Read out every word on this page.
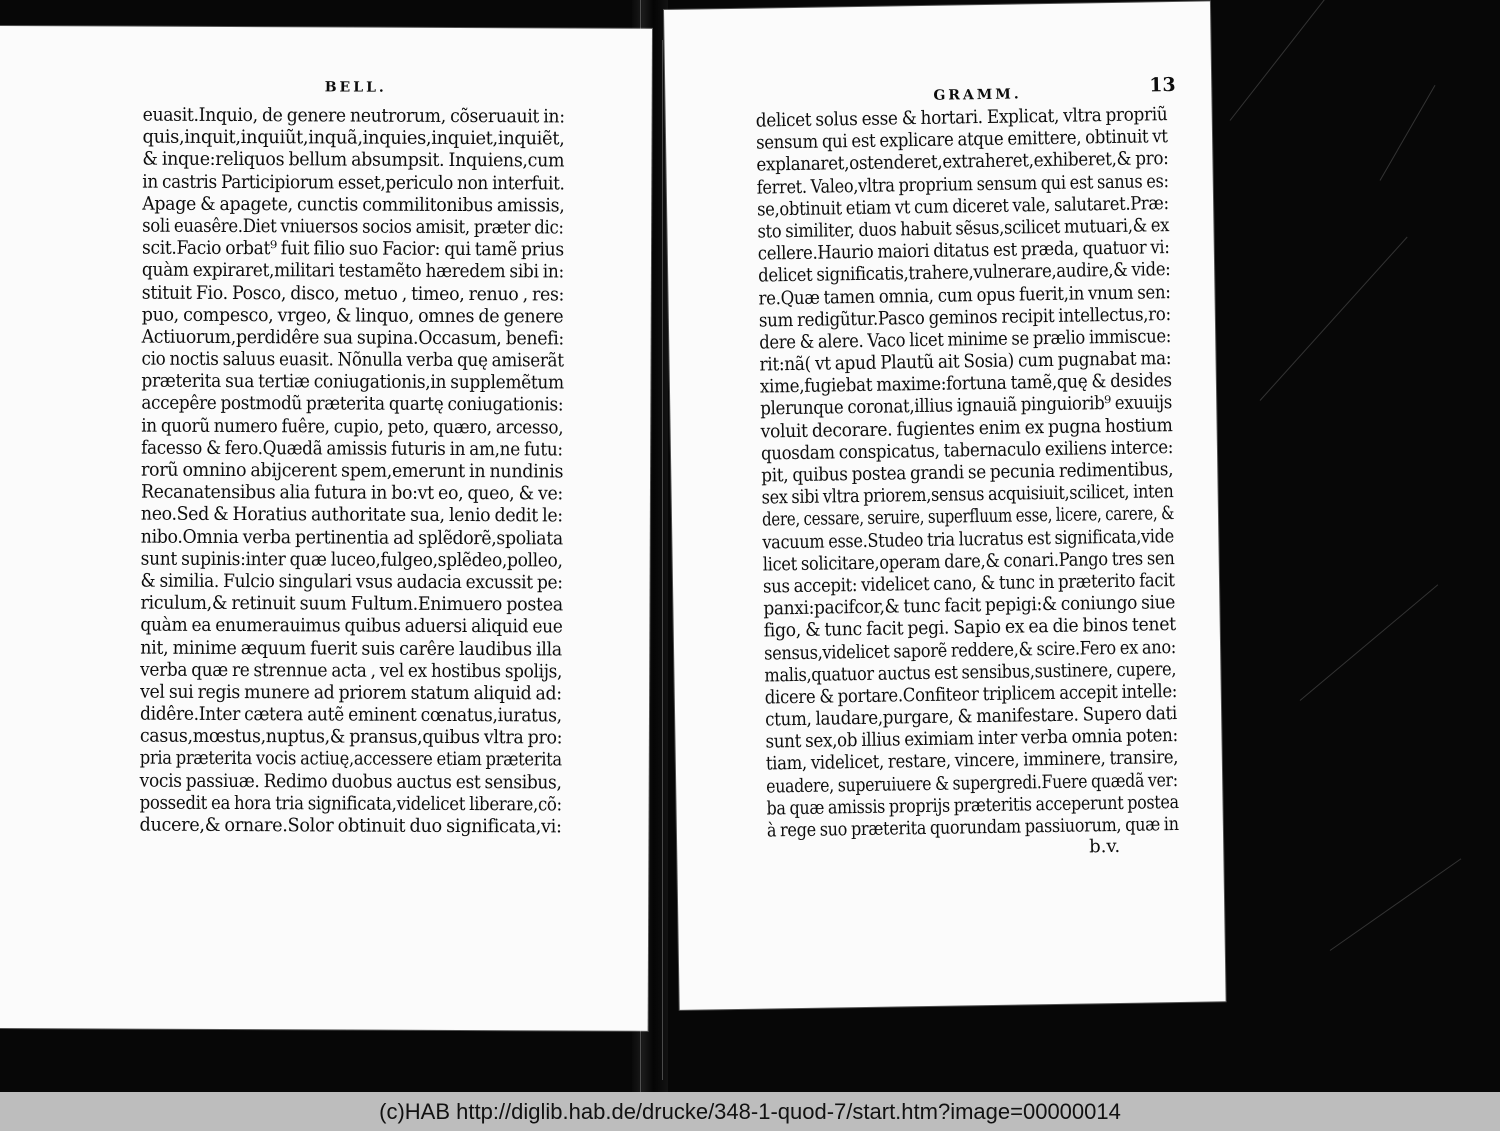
BELL.
euasit.Inquio, de genere neutrorum, cõseruauit in:
quis,inquit,inquiũt,inquã,inquies,inquiet,inquiẽt,
& inque:reliquos bellum absumpsit. Inquiens,cum
in castris Participiorum esset,periculo non interfuit.
Apage & apagete, cunctis commilitonibus amissis,
soli euasêre.Diet vniuersos socios amisit, præter dic:
scit.Facio orbat⁹ fuit filio suo Facior: qui tamẽ prius
quàm expiraret,militari testamẽto hæredem sibi in:
stituit Fio. Posco, disco, metuo , timeo, renuo , res:
puo, compesco, vrgeo, & linquo, omnes de genere
Actiuorum,perdidêre sua supina.Occasum, benefi:
cio noctis saluus euasit. Nõnulla verba quę amiserãt
præterita sua tertiæ coniugationis,in supplemẽtum
accepêre postmodũ præterita quartę coniugationis:
in quorũ numero fuêre, cupio, peto, quæro, arcesso,
facesso & fero.Quædã amissis futuris in am,ne futu:
rorũ omnino abijcerent spem,emerunt in nundinis
Recanatensibus alia futura in bo:vt eo, queo, & ve:
neo.Sed & Horatius authoritate sua, lenio dedit le:
nibo.Omnia verba pertinentia ad splẽdorẽ,spoliata
sunt supinis:inter quæ luceo,fulgeo,splẽdeo,polleo,
& similia. Fulcio singulari vsus audacia excussit pe:
riculum,& retinuit suum Fultum.Enimuero postea
quàm ea enumerauimus quibus aduersi aliquid eue
nit, minime æquum fuerit suis carêre laudibus illa
verba quæ re strennue acta , vel ex hostibus spolijs,
vel sui regis munere ad priorem statum aliquid ad:
didêre.Inter cætera autẽ eminent cœnatus,iuratus,
casus,mœstus,nuptus,& pransus,quibus vltra pro:
pria præterita vocis actiuę,accessere etiam præterita
vocis passiuæ. Redimo duobus auctus est sensibus,
possedit ea hora tria significata,videlicet liberare,cõ:
ducere,& ornare.Solor obtinuit duo significata,vi:
GRAMM.	13
delicet solus esse & hortari. Explicat, vltra propriũ
sensum qui est explicare atque emittere, obtinuit vt
explanaret,ostenderet,extraheret,exhiberet,& pro:
ferret. Valeo,vltra proprium sensum qui est sanus es:
se,obtinuit etiam vt cum diceret vale, salutaret.Præ:
sto similiter, duos habuit sẽsus,scilicet mutuari,& ex
cellere.Haurio maiori ditatus est præda, quatuor vi:
delicet significatis,trahere,vulnerare,audire,& vide:
re.Quæ tamen omnia, cum opus fuerit,in vnum sen:
sum redigũtur.Pasco geminos recipit intellectus,ro:
dere & alere. Vaco licet minime se prælio immiscue:
rit:nã( vt apud Plautũ ait Sosia) cum pugnabat ma:
xime,fugiebat maxime:fortuna tamẽ,quę & desides
plerunque coronat,illius ignauiã pinguiorib⁹ exuuijs
voluit decorare. fugientes enim ex pugna hostium
quosdam conspicatus, tabernaculo exiliens interce:
pit, quibus postea grandi se pecunia redimentibus,
sex sibi vltra priorem,sensus acquisiuit,scilicet, inten
dere, cessare, seruire, superfluum esse, licere, carere, &
vacuum esse.Studeo tria lucratus est significata,vide
licet solicitare,operam dare,& conari.Pango tres sen
sus accepit: videlicet cano, & tunc in præterito facit
panxi:pacifcor,& tunc facit pepigi:& coniungo siue
figo, & tunc facit pegi. Sapio ex ea die binos tenet
sensus,videlicet saporẽ reddere,& scire.Fero ex ano:
malis,quatuor auctus est sensibus,sustinere, cupere,
dicere & portare.Confiteor triplicem accepit intelle:
ctum, laudare,purgare, & manifestare. Supero dati
sunt sex,ob illius eximiam inter verba omnia poten:
tiam, videlicet, restare, vincere, imminere, transire,
euadere, superuiuere & supergredi.Fuere quædã ver:
ba quæ amissis proprijs præteritis acceperunt postea
à rege suo præterita quorundam passiuorum, quæ in
b.v.
(c)HAB http://diglib.hab.de/drucke/348-1-quod-7/start.htm?image=00000014
